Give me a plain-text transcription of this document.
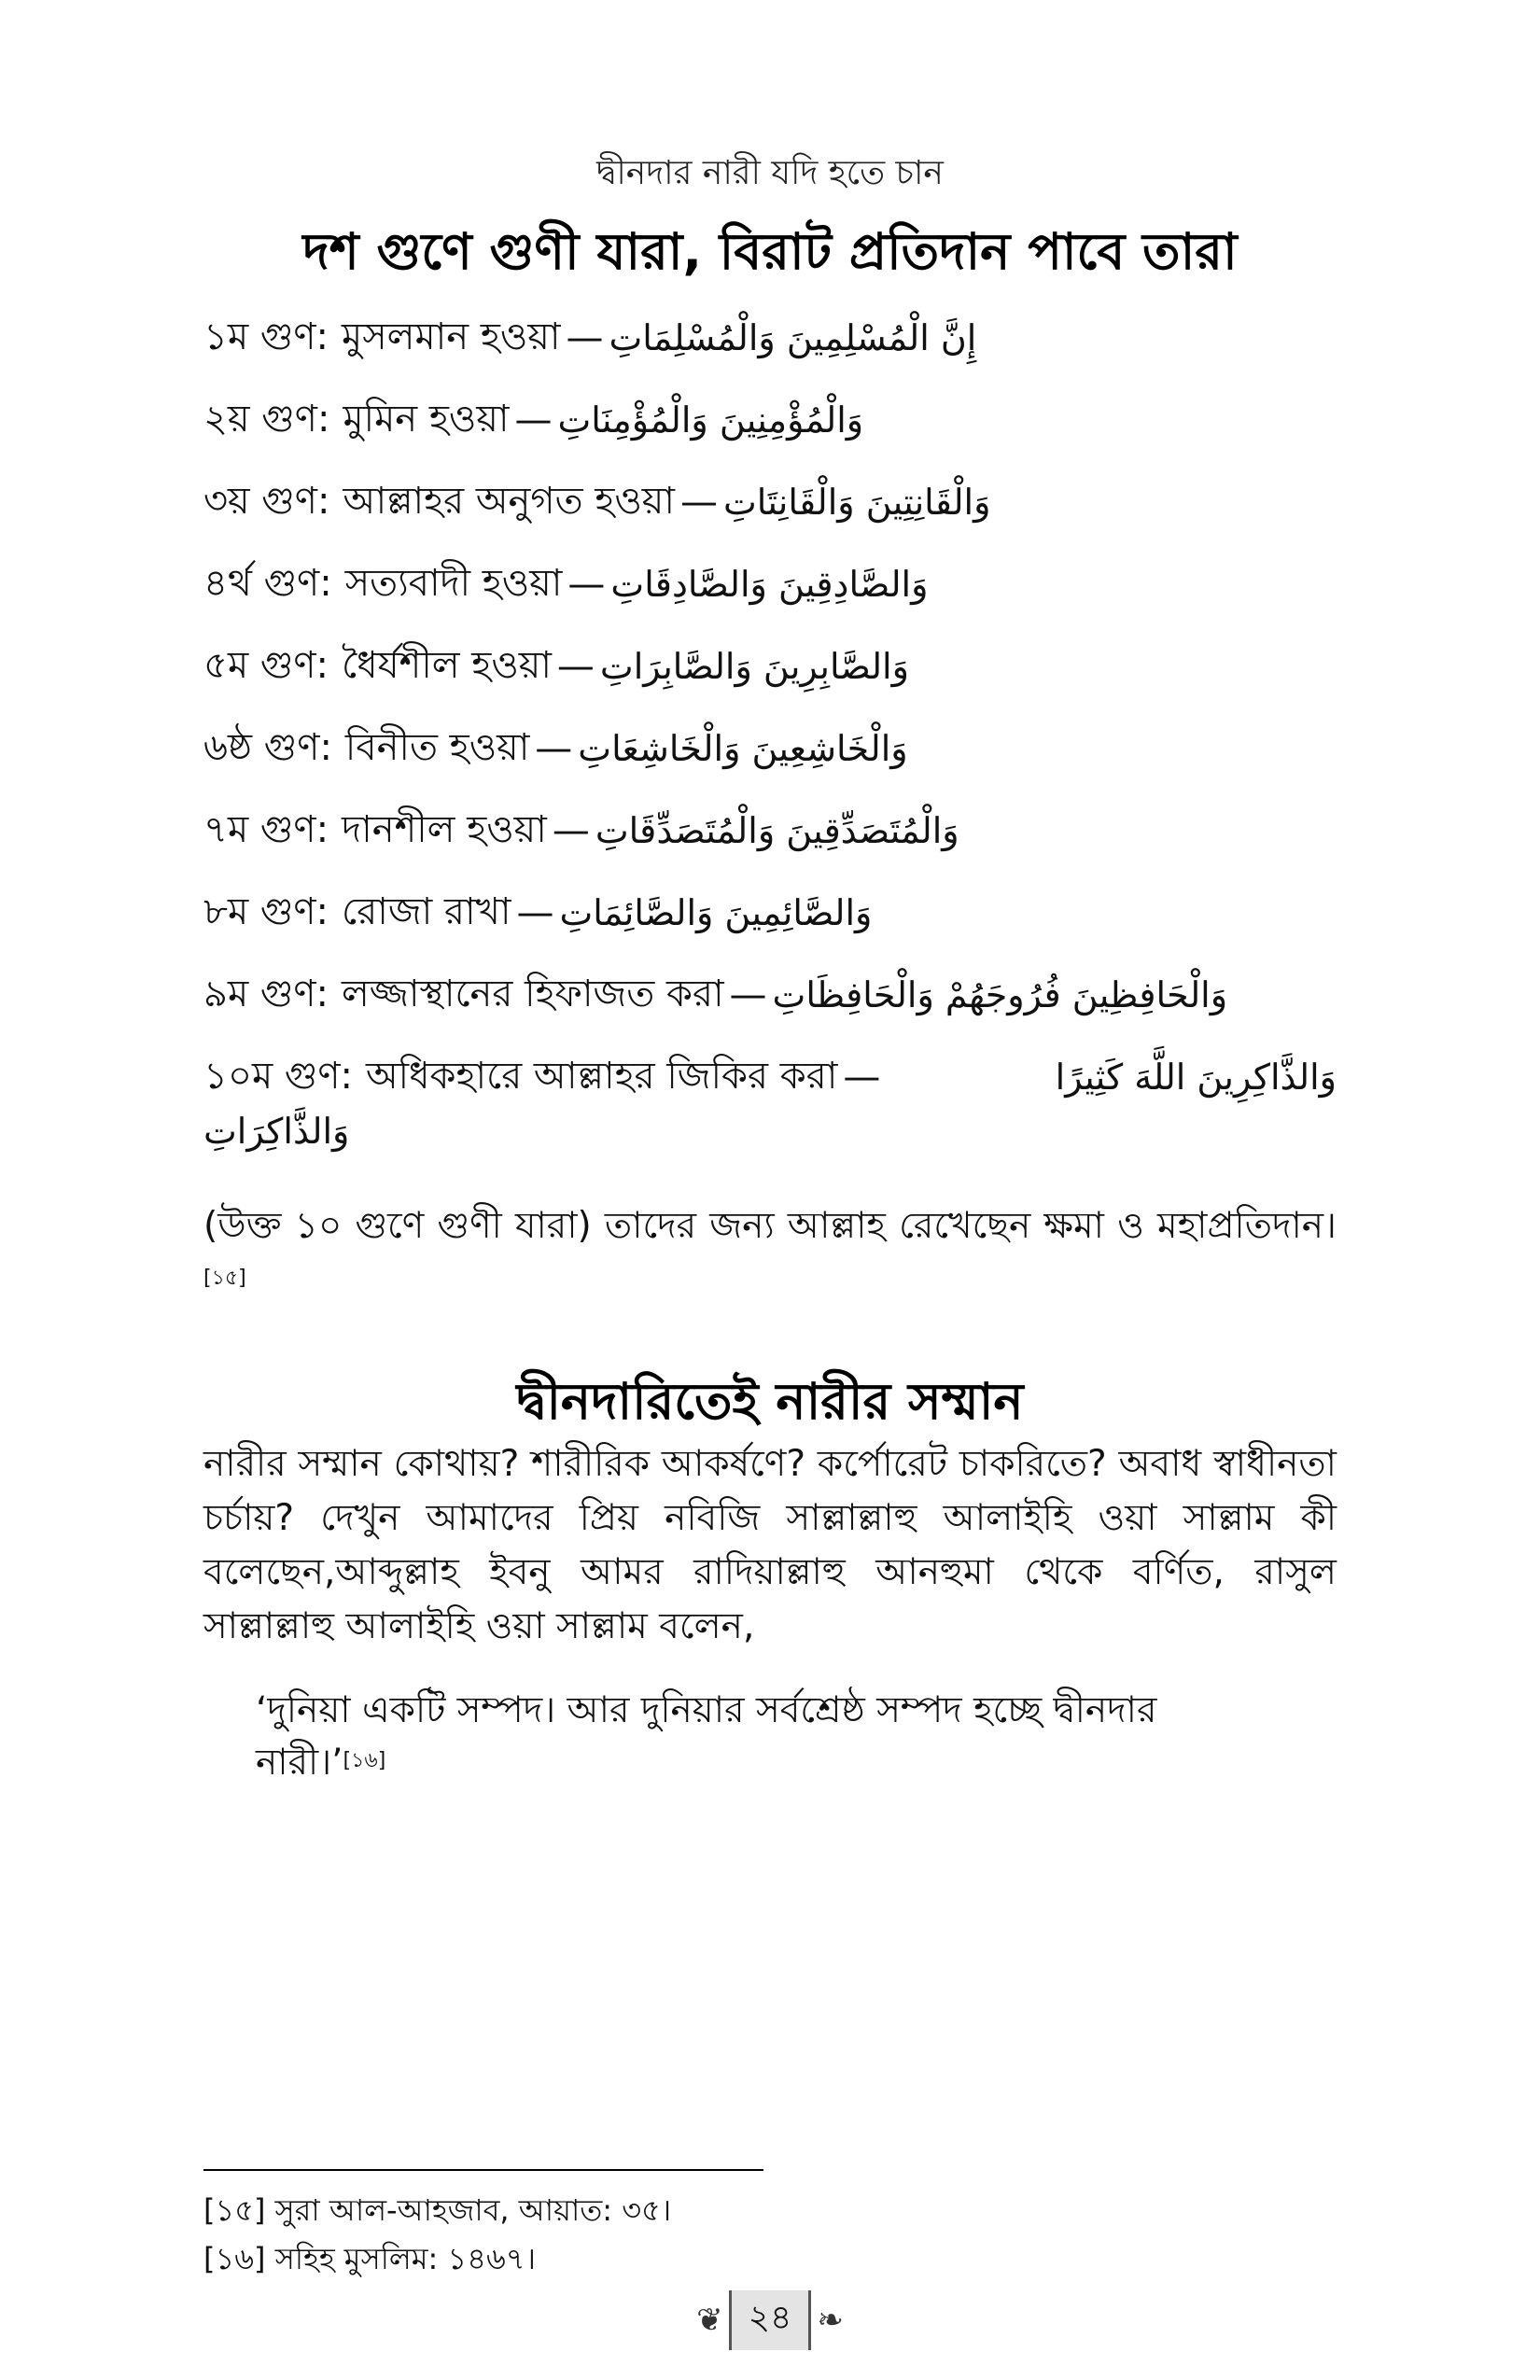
দ্বীনদার নারী যদি হতে চান
দশ গুণে গুণী যারা, বিরাট প্রতিদান পাবে তারা
১ম গুণ: মুসলমান হওয়া — إِنَّ الْمُسْلِمِينَ وَالْمُسْلِمَاتِ
২য় গুণ: মুমিন হওয়া — وَالْمُؤْمِنِينَ وَالْمُؤْمِنَاتِ
৩য় গুণ: আল্লাহর অনুগত হওয়া — وَالْقَانِتِينَ وَالْقَانِتَاتِ
৪র্থ গুণ: সত্যবাদী হওয়া — وَالصَّادِقِينَ وَالصَّادِقَاتِ
৫ম গুণ: ধৈর্যশীল হওয়া — وَالصَّابِرِينَ وَالصَّابِرَاتِ
৬ষ্ঠ গুণ: বিনীত হওয়া — وَالْخَاشِعِينَ وَالْخَاشِعَاتِ
৭ম গুণ: দানশীল হওয়া — وَالْمُتَصَدِّقِينَ وَالْمُتَصَدِّقَاتِ
৮ম গুণ: রোজা রাখা — وَالصَّائِمِينَ وَالصَّائِمَاتِ
৯ম গুণ: লজ্জাস্থানের হিফাজত করা — وَالْحَافِظِينَ فُرُوجَهُمْ وَالْحَافِظَاتِ
১০ম গুণ: অধিকহারে আল্লাহর জিকির করা —	وَالذَّاكِرِينَ اللَّهَ كَثِيرًا
وَالذَّاكِرَاتِ
(উক্ত ১০ গুণে গুণী যারা) তাদের জন্য আল্লাহ রেখেছেন ক্ষমা ও মহাপ্রতিদান।[১৫]
দ্বীনদারিতেই নারীর সম্মান
নারীর সম্মান কোথায়? শারীরিক আকর্ষণে? কর্পোরেট চাকরিতে? অবাধ স্বাধীনতা চর্চায়? দেখুন আমাদের প্রিয় নবিজি সাল্লাল্লাহু আলাইহি ওয়া সাল্লাম কী বলেছেন,আব্দুল্লাহ ইবনু আমর রাদিয়াল্লাহু আনহুমা থেকে বর্ণিত, রাসুল সাল্লাল্লাহু আলাইহি ওয়া সাল্লাম বলেন,
‘দুনিয়া একটি সম্পদ। আর দুনিয়ার সর্বশ্রেষ্ঠ সম্পদ হচ্ছে দ্বীনদার নারী।’[১৬]
[১৫] সুরা আল-আহজাব, আয়াত: ৩৫।
[১৬] সহিহ মুসলিম: ১৪৬৭।
❦ ২৪ ❧
